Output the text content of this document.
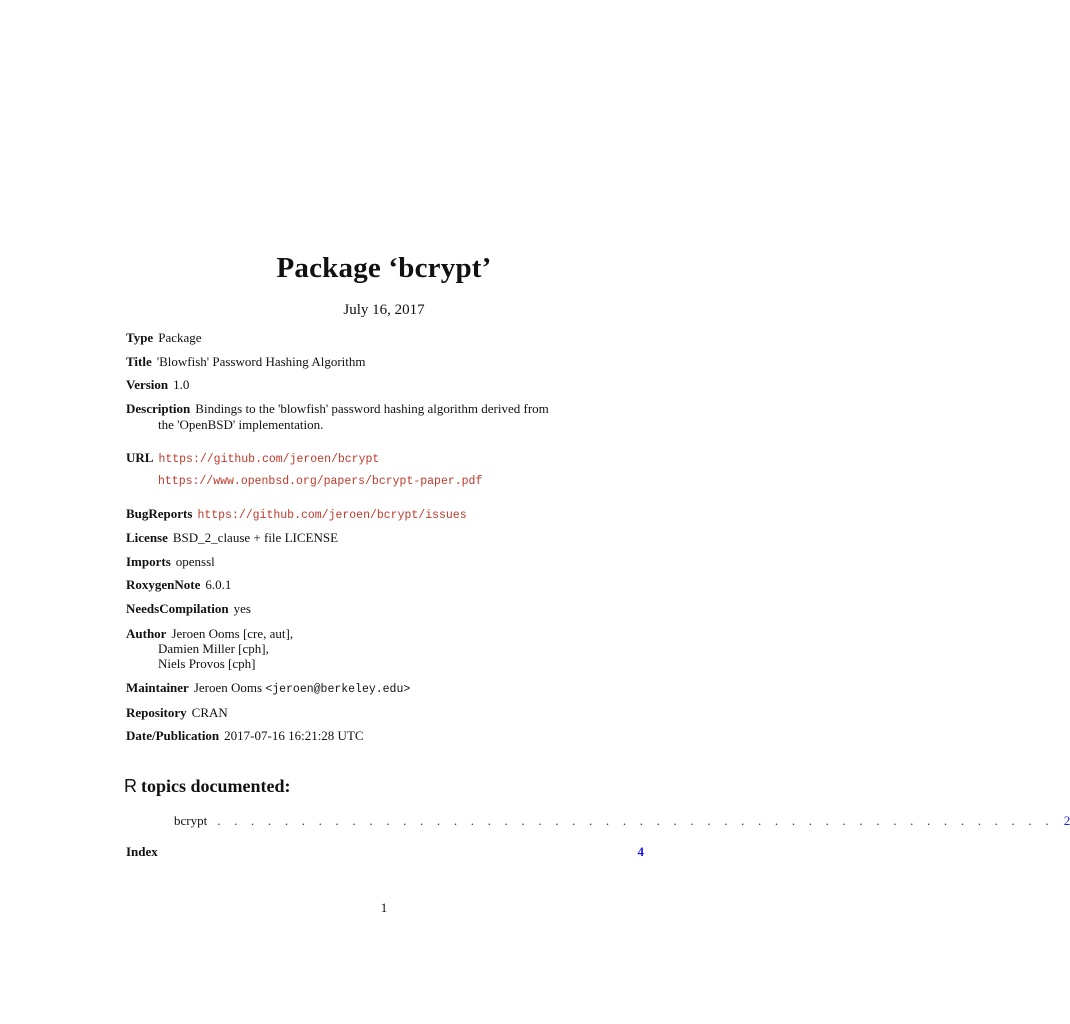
Package ‘bcrypt’
July 16, 2017
Type Package
Title 'Blowfish' Password Hashing Algorithm
Version 1.0
Description Bindings to the 'blowfish' password hashing algorithm derived from
the 'OpenBSD' implementation.
URL https://github.com/jeroen/bcrypt
https://www.openbsd.org/papers/bcrypt-paper.pdf
BugReports https://github.com/jeroen/bcrypt/issues
License BSD_2_clause + file LICENSE
Imports openssl
RoxygenNote 6.0.1
NeedsCompilation yes
Author Jeroen Ooms [cre, aut],
Damien Miller [cph],
Niels Provos [cph]
Maintainer Jeroen Ooms <jeroen@berkeley.edu>
Repository CRAN
Date/Publication 2017-07-16 16:21:28 UTC
R topics documented:
bcrypt . . . . . . . . . . . . . . . . . . . . . . . . . . . . . . . . . . . . . . . . . . . . . . . . . . 2
Index	4
1
